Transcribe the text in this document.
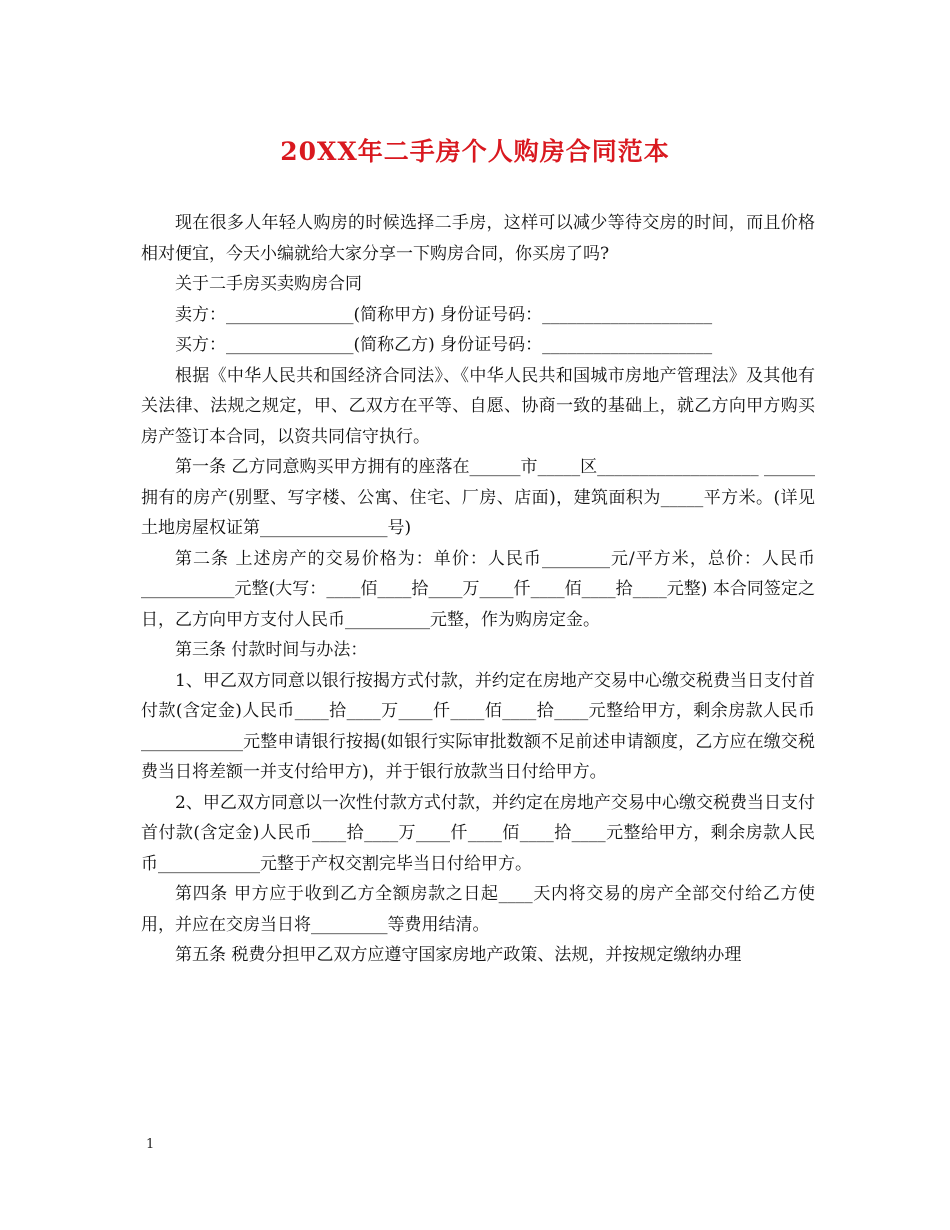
20XX年二手房个人购房合同范本

现在很多人年轻人购房的时候选择二手房，这样可以减少等待交房的时间，而且价格相对便宜，今天小编就给大家分享一下购房合同，你买房了吗?

关于二手房买卖购房合同

卖方：_______________(简称甲方) 身份证号码：____________________

买方：_______________(简称乙方) 身份证号码：____________________

根据《中华人民共和国经济合同法》、《中华人民共和国城市房地产管理法》及其他有关法律、法规之规定，甲、乙双方在平等、自愿、协商一致的基础上，就乙方向甲方购买房产签订本合同，以资共同信守执行。

第一条 乙方同意购买甲方拥有的座落在______市_____区___________________ ______拥有的房产(别墅、写字楼、公寓、住宅、厂房、店面)，建筑面积为_____平方米。(详见土地房屋权证第_______________号)

第二条 上述房产的交易价格为：单价：人民币________元/平方米，总价：人民币___________元整(大写：____佰____拾____万____仟____佰____拾____元整) 本合同签定之日，乙方向甲方支付人民币__________元整，作为购房定金。

第三条 付款时间与办法：

1、甲乙双方同意以银行按揭方式付款，并约定在房地产交易中心缴交税费当日支付首付款(含定金)人民币____拾____万____仟____佰____拾____元整给甲方，剩余房款人民币____________元整申请银行按揭(如银行实际审批数额不足前述申请额度，乙方应在缴交税费当日将差额一并支付给甲方)，并于银行放款当日付给甲方。

2、甲乙双方同意以一次性付款方式付款，并约定在房地产交易中心缴交税费当日支付首付款(含定金)人民币____拾____万____仟____佰____拾____元整给甲方，剩余房款人民币____________元整于产权交割完毕当日付给甲方。

第四条 甲方应于收到乙方全额房款之日起____天内将交易的房产全部交付给乙方使用，并应在交房当日将_________等费用结清。

第五条 税费分担甲乙双方应遵守国家房地产政策、法规，并按规定缴纳办理

1
